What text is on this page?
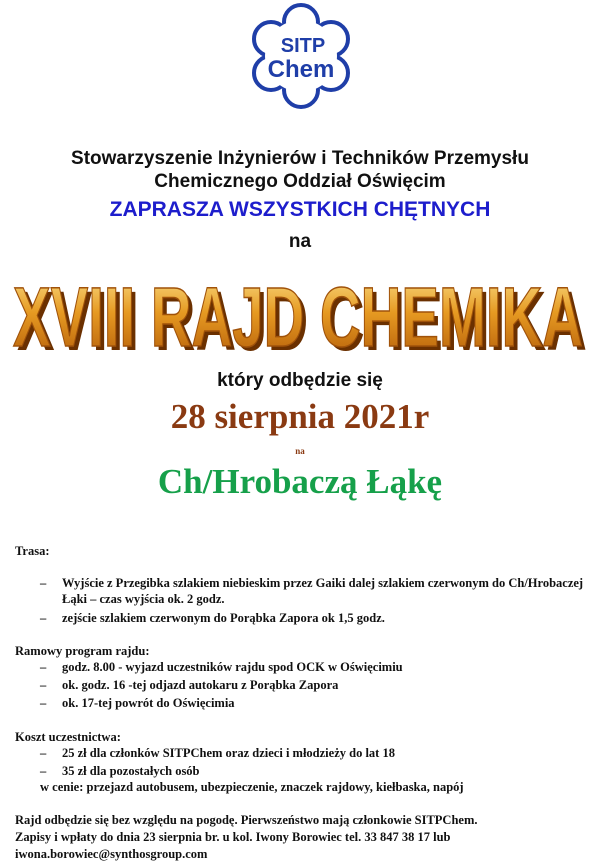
SITP
Chem
Stowarzyszenie Inżynierów i Techników Przemysłu
Chemicznego Oddział Oświęcim
ZAPRASZA WSZYSTKICH CHĘTNYCH
na
XVIII RAJD CHEMIKA
XVIII RAJD CHEMIKA
który odbędzie się
28 sierpnia 2021r
na
Ch/Hrobaczą Łąkę
Trasa:
– Wyjście z Przegibka szlakiem niebieskim przez Gaiki dalej szlakiem czerwonym do Ch/Hrobaczej Łąki – czas wyjścia ok. 2 godz.
– zejście szlakiem czerwonym do Porąbka Zapora ok 1,5 godz.
Ramowy program rajdu:
– godz. 8.00 - wyjazd uczestników rajdu spod OCK w Oświęcimiu
– ok. godz. 16 -tej odjazd autokaru z Porąbka Zapora
– ok. 17-tej powrót do Oświęcimia
Koszt uczestnictwa:
– 25 zł dla członków SITPChem oraz dzieci i młodzieży do lat 18
– 35 zł dla pozostałych osób
w cenie: przejazd autobusem, ubezpieczenie, znaczek rajdowy, kiełbaska, napój
Rajd odbędzie się bez względu na pogodę. Pierwszeństwo mają członkowie SITPChem.
Zapisy i wpłaty do dnia 23 sierpnia br. u kol. Iwony Borowiec tel. 33 847 38 17 lub
iwona.borowiec@synthosgroup.com
